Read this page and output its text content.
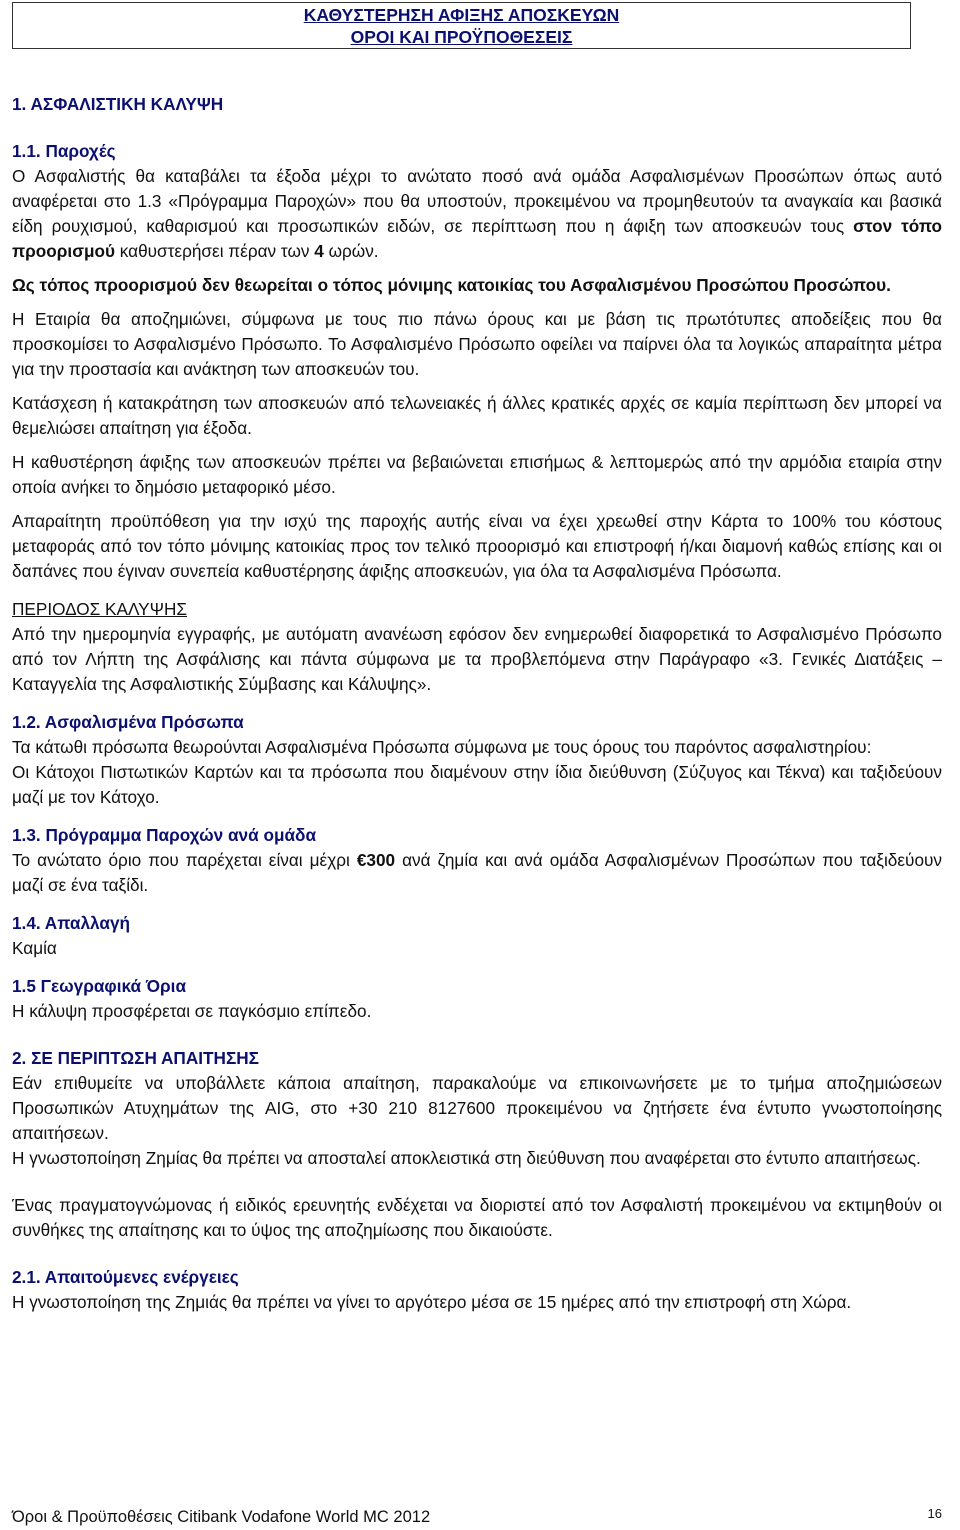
ΚΑΘΥΣΤΕΡΗΣΗ ΑΦΙΞΗΣ ΑΠΟΣΚΕΥΩΝ
ΟΡΟΙ ΚΑΙ ΠΡΟΫΠΟΘΕΣΕΙΣ

1. ΑΣΦΑΛΙΣΤΙΚΗ ΚΑΛΥΨΗ

1.1. Παροχές

Ο Ασφαλιστής θα καταβάλει τα έξοδα μέχρι το ανώτατο ποσό ανά ομάδα Ασφαλισμένων Προσώπων όπως αυτό αναφέρεται στο 1.3 «Πρόγραμμα Παροχών» που θα υποστούν, προκειμένου να προμηθευτούν τα αναγκαία και βασικά είδη ρουχισμού, καθαρισμού και προσωπικών ειδών, σε περίπτωση που η άφιξη των αποσκευών τους στον τόπο προορισμού καθυστερήσει πέραν των 4 ωρών.

Ως τόπος προορισμού δεν θεωρείται ο τόπος μόνιμης κατοικίας του Ασφαλισμένου Προσώπου Προσώπου.

Η Εταιρία θα αποζημιώνει, σύμφωνα με τους πιο πάνω όρους και με βάση τις πρωτότυπες αποδείξεις που θα προσκομίσει το Ασφαλισμένο Πρόσωπο. Το Ασφαλισμένο Πρόσωπο οφείλει να παίρνει όλα τα λογικώς απαραίτητα μέτρα για την προστασία και ανάκτηση των αποσκευών του.

Κατάσχεση ή κατακράτηση των αποσκευών από τελωνειακές ή άλλες κρατικές αρχές σε καμία περίπτωση δεν μπορεί να θεμελιώσει απαίτηση για έξοδα.

Η καθυστέρηση άφιξης των αποσκευών πρέπει να βεβαιώνεται επισήμως & λεπτομερώς από την αρμόδια εταιρία στην οποία ανήκει το δημόσιο μεταφορικό μέσο.

Απαραίτητη προϋπόθεση για την ισχύ της παροχής αυτής είναι να έχει χρεωθεί στην Κάρτα το 100% του κόστους μεταφοράς από τον τόπο μόνιμης κατοικίας προς τον τελικό προορισμό και επιστροφή ή/και διαμονή καθώς επίσης και οι δαπάνες που έγιναν συνεπεία καθυστέρησης άφιξης αποσκευών, για όλα τα Ασφαλισμένα Πρόσωπα.

ΠΕΡΙΟΔΟΣ ΚΑΛΥΨΗΣ

Από την ημερομηνία εγγραφής, με αυτόματη ανανέωση εφόσον δεν ενημερωθεί διαφορετικά το Ασφαλισμένο Πρόσωπο από τον Λήπτη της Ασφάλισης και πάντα σύμφωνα με τα προβλεπόμενα στην Παράγραφο «3. Γενικές Διατάξεις – Καταγγελία της Ασφαλιστικής Σύμβασης και Κάλυψης».

1.2. Ασφαλισμένα Πρόσωπα

Τα κάτωθι πρόσωπα θεωρούνται Ασφαλισμένα Πρόσωπα σύμφωνα με τους όρους του παρόντος ασφαλιστηρίου:

Οι Κάτοχοι Πιστωτικών Καρτών και τα πρόσωπα που διαμένουν στην ίδια διεύθυνση (Σύζυγος και Τέκνα) και ταξιδεύουν μαζί με τον Κάτοχο.

1.3. Πρόγραμμα Παροχών ανά ομάδα

Το ανώτατο όριο που παρέχεται είναι μέχρι €300 ανά ζημία και ανά ομάδα Ασφαλισμένων Προσώπων που ταξιδεύουν μαζί σε ένα ταξίδι.

1.4. Απαλλαγή

Καμία

1.5 Γεωγραφικά Όρια

Η κάλυψη προσφέρεται σε παγκόσμιο επίπεδο.

2. ΣΕ ΠΕΡΙΠΤΩΣΗ ΑΠΑΙΤΗΣΗΣ

Εάν επιθυμείτε να υποβάλλετε κάποια απαίτηση, παρακαλούμε να επικοινωνήσετε με το τμήμα αποζημιώσεων Προσωπικών Ατυχημάτων της AIG, στο +30 210 8127600 προκειμένου να ζητήσετε ένα έντυπο γνωστοποίησης απαιτήσεων.

Η γνωστοποίηση Ζημίας θα πρέπει να αποσταλεί αποκλειστικά στη διεύθυνση που αναφέρεται στο έντυπο απαιτήσεως.

Ένας πραγματογνώμονας ή ειδικός ερευνητής ενδέχεται να διοριστεί από τον Ασφαλιστή προκειμένου να εκτιμηθούν οι συνθήκες της απαίτησης και το ύψος της αποζημίωσης που δικαιούστε.

2.1. Απαιτούμενες ενέργειες

Η γνωστοποίηση της Ζημιάς θα πρέπει να γίνει το αργότερο μέσα σε 15 ημέρες από την επιστροφή στη Χώρα.

Όροι & Προϋποθέσεις Citibank Vodafone World MC 2012	16
